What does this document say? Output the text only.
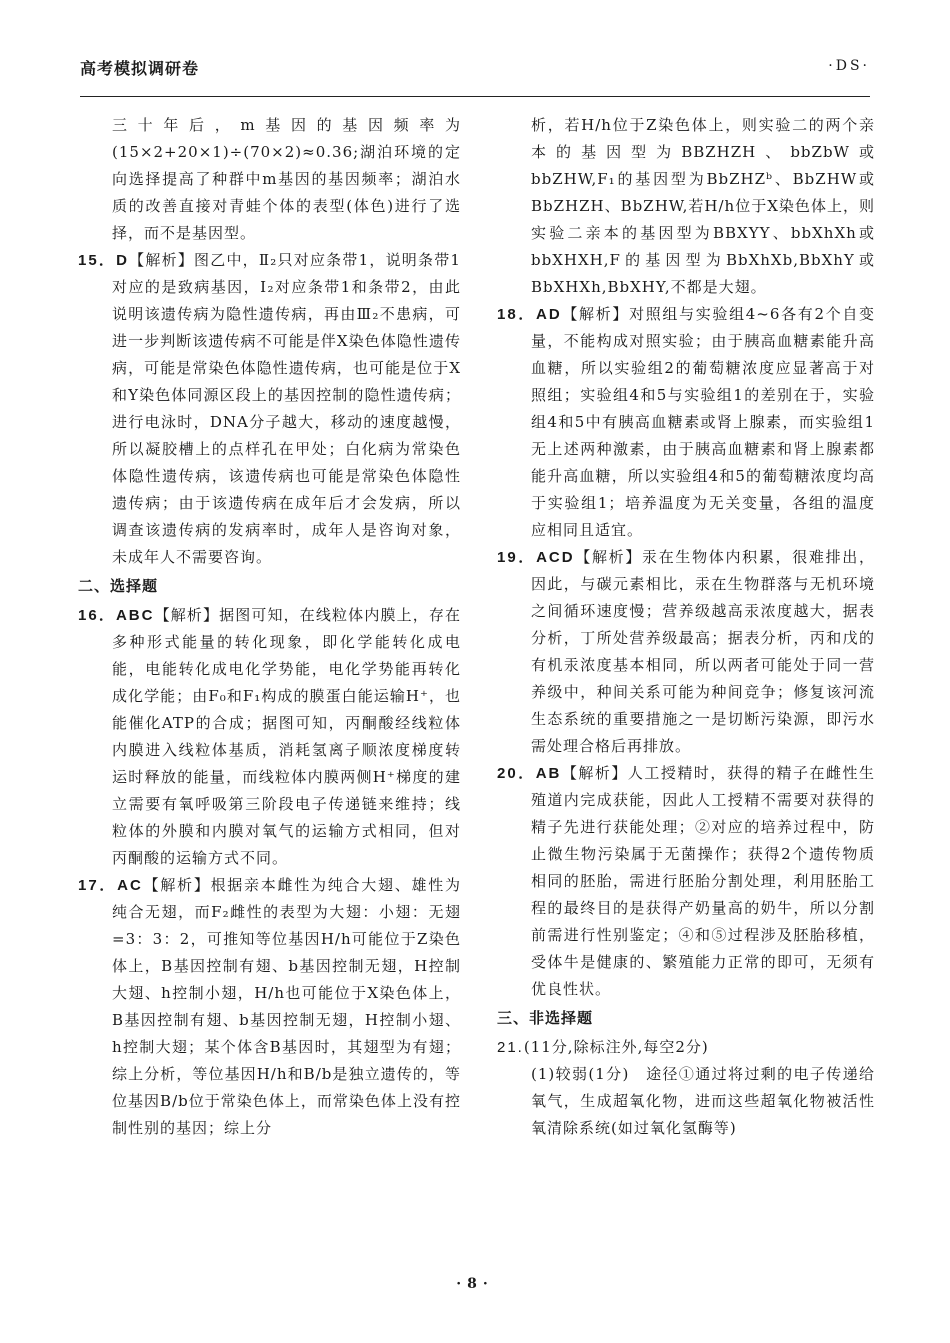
高考模拟调研卷	·DS·

三十年后，m基因的基因频率为(15×2+20×1)÷(70×2)≈0.36;湖泊环境的定向选择提高了种群中m基因的基因频率；湖泊水质的改善直接对青蛙个体的表型(体色)进行了选择，而不是基因型。

15．D【解析】图乙中，Ⅱ₂只对应条带1，说明条带1对应的是致病基因，Ⅰ₂对应条带1和条带2，由此说明该遗传病为隐性遗传病，再由Ⅲ₂不患病，可进一步判断该遗传病不可能是伴X染色体隐性遗传病，可能是常染色体隐性遗传病，也可能是位于X和Y染色体同源区段上的基因控制的隐性遗传病；进行电泳时，DNA分子越大，移动的速度越慢，所以凝胶槽上的点样孔在甲处；白化病为常染色体隐性遗传病，该遗传病也可能是常染色体隐性遗传病；由于该遗传病在成年后才会发病，所以调查该遗传病的发病率时，成年人是咨询对象，未成年人不需要咨询。

二、选择题

16．ABC【解析】据图可知，在线粒体内膜上，存在多种形式能量的转化现象，即化学能转化成电能，电能转化成电化学势能，电化学势能再转化成化学能；由F₀和F₁构成的膜蛋白能运输H⁺，也能催化ATP的合成；据图可知，丙酮酸经线粒体内膜进入线粒体基质，消耗氢离子顺浓度梯度转运时释放的能量，而线粒体内膜两侧H⁺梯度的建立需要有氧呼吸第三阶段电子传递链来维持；线粒体的外膜和内膜对氧气的运输方式相同，但对丙酮酸的运输方式不同。

17．AC【解析】根据亲本雌性为纯合大翅、雄性为纯合无翅，而F₂雌性的表型为大翅：小翅：无翅=3：3：2，可推知等位基因H/h可能位于Z染色体上，B基因控制有翅、b基因控制无翅，H控制大翅、h控制小翅，H/h也可能位于X染色体上，B基因控制有翅、b基因控制无翅，H控制小翅、h控制大翅；某个体含B基因时，其翅型为有翅；综上分析，等位基因H/h和B/b是独立遗传的，等位基因B/b位于常染色体上，而常染色体上没有控制性别的基因；综上分

析，若H/h位于Z染色体上，则实验二的两个亲本的基因型为BBZHZH、bbZbW或bbZHW,F₁的基因型为BbZHZᵇ、BbZHW或BbZHZH、BbZHW,若H/h位于X染色体上，则实验二亲本的基因型为BBXYY、bbXhXh或bbXHXH,F的基因型为BbXhXb,BbXhY或BbXHXh,BbXHY,不都是大翅。

18．AD【解析】对照组与实验组4~6各有2个自变量，不能构成对照实验；由于胰高血糖素能升高血糖，所以实验组2的葡萄糖浓度应显著高于对照组；实验组4和5与实验组1的差别在于，实验组4和5中有胰高血糖素或肾上腺素，而实验组1无上述两种激素，由于胰高血糖素和肾上腺素都能升高血糖，所以实验组4和5的葡萄糖浓度均高于实验组1；培养温度为无关变量，各组的温度应相同且适宜。

19．ACD【解析】汞在生物体内积累，很难排出，因此，与碳元素相比，汞在生物群落与无机环境之间循环速度慢；营养级越高汞浓度越大，据表分析，丁所处营养级最高；据表分析，丙和戊的有机汞浓度基本相同，所以两者可能处于同一营养级中，种间关系可能为种间竞争；修复该河流生态系统的重要措施之一是切断污染源，即污水需处理合格后再排放。

20．AB【解析】人工授精时，获得的精子在雌性生殖道内完成获能，因此人工授精不需要对获得的精子先进行获能处理；②对应的培养过程中，防止微生物污染属于无菌操作；获得2个遗传物质相同的胚胎，需进行胚胎分割处理，利用胚胎工程的最终目的是获得产奶量高的奶牛，所以分割前需进行性别鉴定；④和⑤过程涉及胚胎移植，受体牛是健康的、繁殖能力正常的即可，无须有优良性状。

三、非选择题

21.(11分,除标注外,每空2分)

(1)较弱(1分)　途径①通过将过剩的电子传递给氧气，生成超氧化物，进而这些超氧化物被活性氧清除系统(如过氧化氢酶等)

·8·
